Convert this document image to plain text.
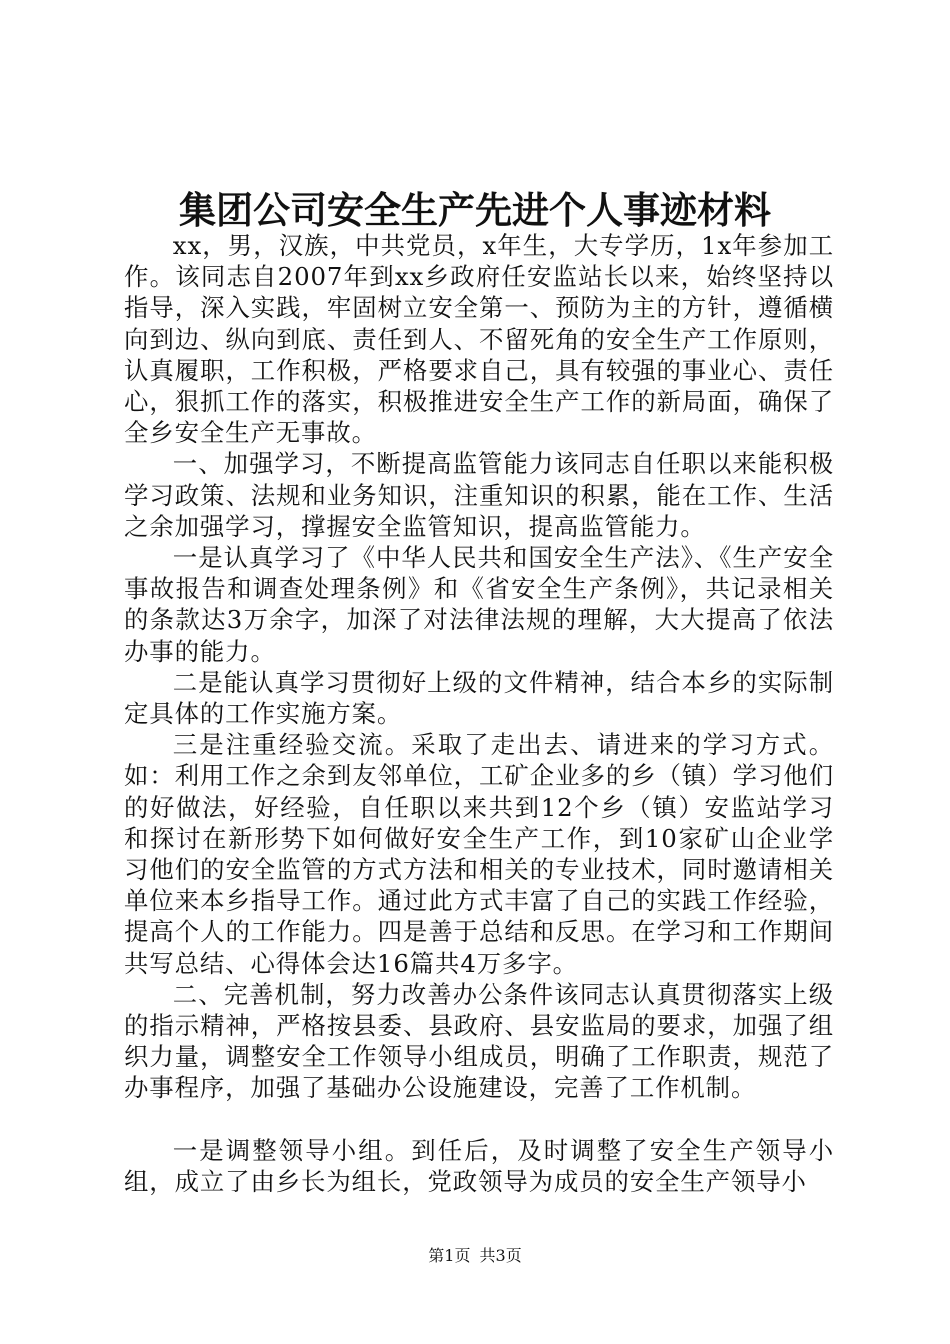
集团公司安全生产先进个人事迹材料

xx，男，汉族，中共党员，x年生，大专学历，1x年参加工作。该同志自2007年到xx乡政府任安监站长以来，始终坚持以指导，深入实践，牢固树立安全第一、预防为主的方针，遵循横向到边、纵向到底、责任到人、不留死角的安全生产工作原则，认真履职，工作积极，严格要求自己，具有较强的事业心、责任心，狠抓工作的落实，积极推进安全生产工作的新局面，确保了全乡安全生产无事故。

一、加强学习，不断提高监管能力该同志自任职以来能积极学习政策、法规和业务知识，注重知识的积累，能在工作、生活之余加强学习，撑握安全监管知识，提高监管能力。

一是认真学习了《中华人民共和国安全生产法》、《生产安全事故报告和调查处理条例》和《省安全生产条例》，共记录相关的条款达3万余字，加深了对法律法规的理解，大大提高了依法办事的能力。

二是能认真学习贯彻好上级的文件精神，结合本乡的实际制定具体的工作实施方案。

三是注重经验交流。采取了走出去、请进来的学习方式。如：利用工作之余到友邻单位，工矿企业多的乡（镇）学习他们的好做法，好经验，自任职以来共到12个乡（镇）安监站学习和探讨在新形势下如何做好安全生产工作，到10家矿山企业学习他们的安全监管的方式方法和相关的专业技术，同时邀请相关单位来本乡指导工作。通过此方式丰富了自己的实践工作经验，提高个人的工作能力。四是善于总结和反思。在学习和工作期间共写总结、心得体会达16篇共4万多字。

二、完善机制，努力改善办公条件该同志认真贯彻落实上级的指示精神，严格按县委、县政府、县安监局的要求，加强了组织力量，调整安全工作领导小组成员，明确了工作职责，规范了办事程序，加强了基础办公设施建设，完善了工作机制。

一是调整领导小组。到任后，及时调整了安全生产领导小组，成立了由乡长为组长，党政领导为成员的安全生产领导小

第1页 共3页
